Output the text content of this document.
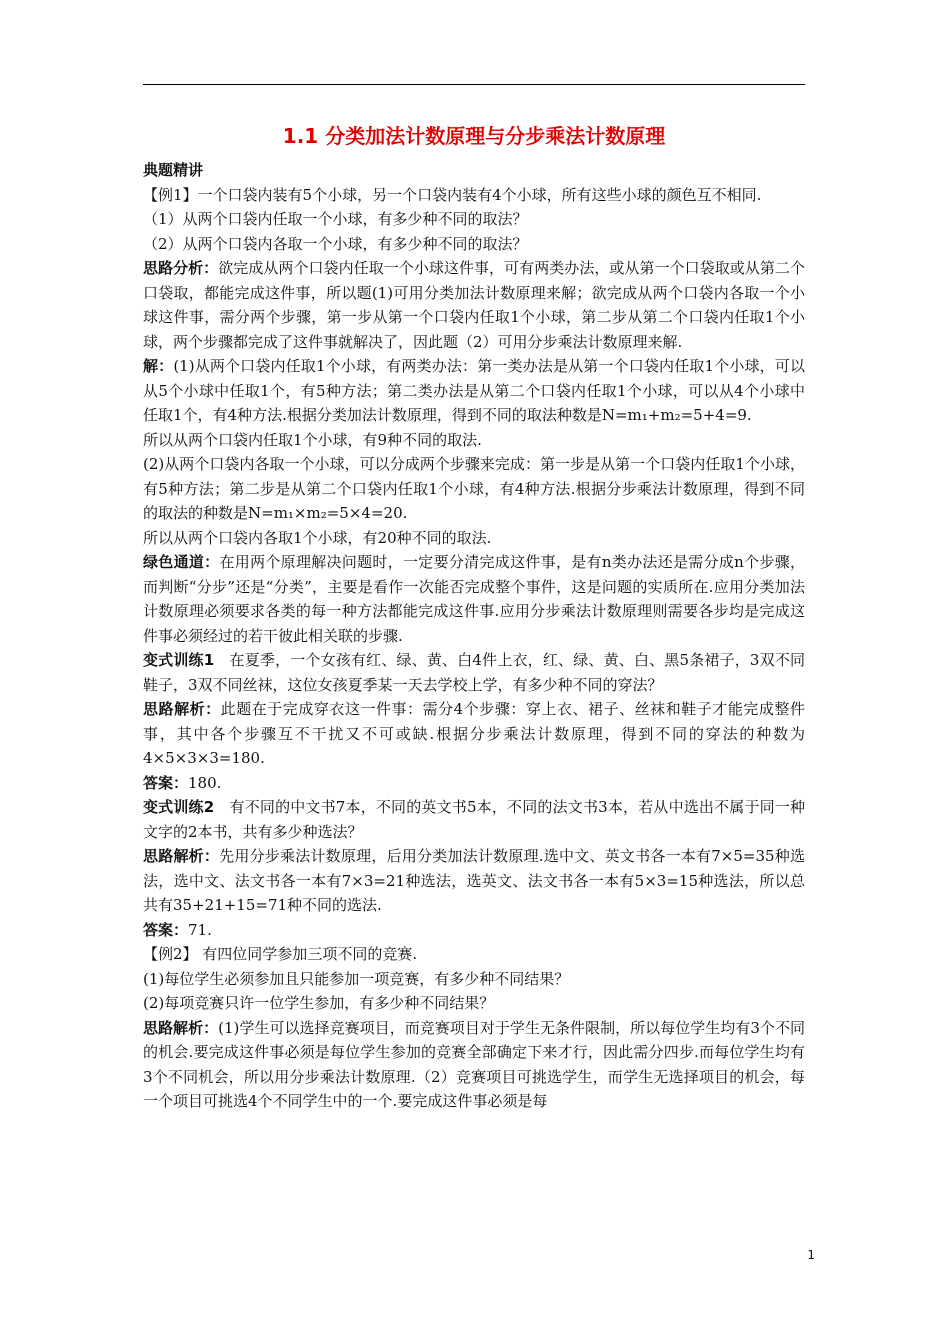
1.1 分类加法计数原理与分步乘法计数原理

典题精讲

【例1】一个口袋内装有5个小球，另一个口袋内装有4个小球，所有这些小球的颜色互不相同.

（1）从两个口袋内任取一个小球，有多少种不同的取法？

（2）从两个口袋内各取一个小球，有多少种不同的取法？

思路分析：欲完成从两个口袋内任取一个小球这件事，可有两类办法，或从第一个口袋取或从第二个口袋取，都能完成这件事，所以题(1)可用分类加法计数原理来解；欲完成从两个口袋内各取一个小球这件事，需分两个步骤，第一步从第一个口袋内任取1个小球，第二步从第二个口袋内任取1个小球，两个步骤都完成了这件事就解决了，因此题（2）可用分步乘法计数原理来解.

解：(1)从两个口袋内任取1个小球，有两类办法：第一类办法是从第一个口袋内任取1个小球，可以从5个小球中任取1个，有5种方法；第二类办法是从第二个口袋内任取1个小球，可以从4个小球中任取1个，有4种方法.根据分类加法计数原理，得到不同的取法种数是N=m₁+m₂=5+4=9.

所以从两个口袋内任取1个小球，有9种不同的取法.

(2)从两个口袋内各取一个小球，可以分成两个步骤来完成：第一步是从第一个口袋内任取1个小球，有5种方法；第二步是从第二个口袋内任取1个小球，有4种方法.根据分步乘法计数原理，得到不同的取法的种数是N=m₁×m₂=5×4=20.

所以从两个口袋内各取1个小球，有20种不同的取法.

绿色通道：在用两个原理解决问题时，一定要分清完成这件事，是有n类办法还是需分成n个步骤，而判断“分步”还是“分类”，主要是看作一次能否完成整个事件，这是问题的实质所在.应用分类加法计数原理必须要求各类的每一种方法都能完成这件事.应用分步乘法计数原理则需要各步均是完成这件事必须经过的若干彼此相关联的步骤.

变式训练1　在夏季，一个女孩有红、绿、黄、白4件上衣，红、绿、黄、白、黑5条裙子，3双不同鞋子，3双不同丝袜，这位女孩夏季某一天去学校上学，有多少种不同的穿法？

思路解析：此题在于完成穿衣这一件事：需分4个步骤：穿上衣、裙子、丝袜和鞋子才能完成整件事，其中各个步骤互不干扰又不可或缺.根据分步乘法计数原理，得到不同的穿法的种数为4×5×3×3=180.

答案：180.

变式训练2　有不同的中文书7本，不同的英文书5本，不同的法文书3本，若从中选出不属于同一种文字的2本书，共有多少种选法？

思路解析：先用分步乘法计数原理，后用分类加法计数原理.选中文、英文书各一本有7×5=35种选法，选中文、法文书各一本有7×3=21种选法，选英文、法文书各一本有5×3=15种选法，所以总共有35+21+15=71种不同的选法.

答案：71.

【例2】 有四位同学参加三项不同的竞赛.

(1)每位学生必须参加且只能参加一项竞赛，有多少种不同结果？

(2)每项竞赛只许一位学生参加，有多少种不同结果？

思路解析：(1)学生可以选择竞赛项目，而竞赛项目对于学生无条件限制，所以每位学生均有3个不同的机会.要完成这件事必须是每位学生参加的竞赛全部确定下来才行，因此需分四步.而每位学生均有3个不同机会，所以用分步乘法计数原理.（2）竞赛项目可挑选学生，而学生无选择项目的机会，每一个项目可挑选4个不同学生中的一个.要完成这件事必须是每

1
